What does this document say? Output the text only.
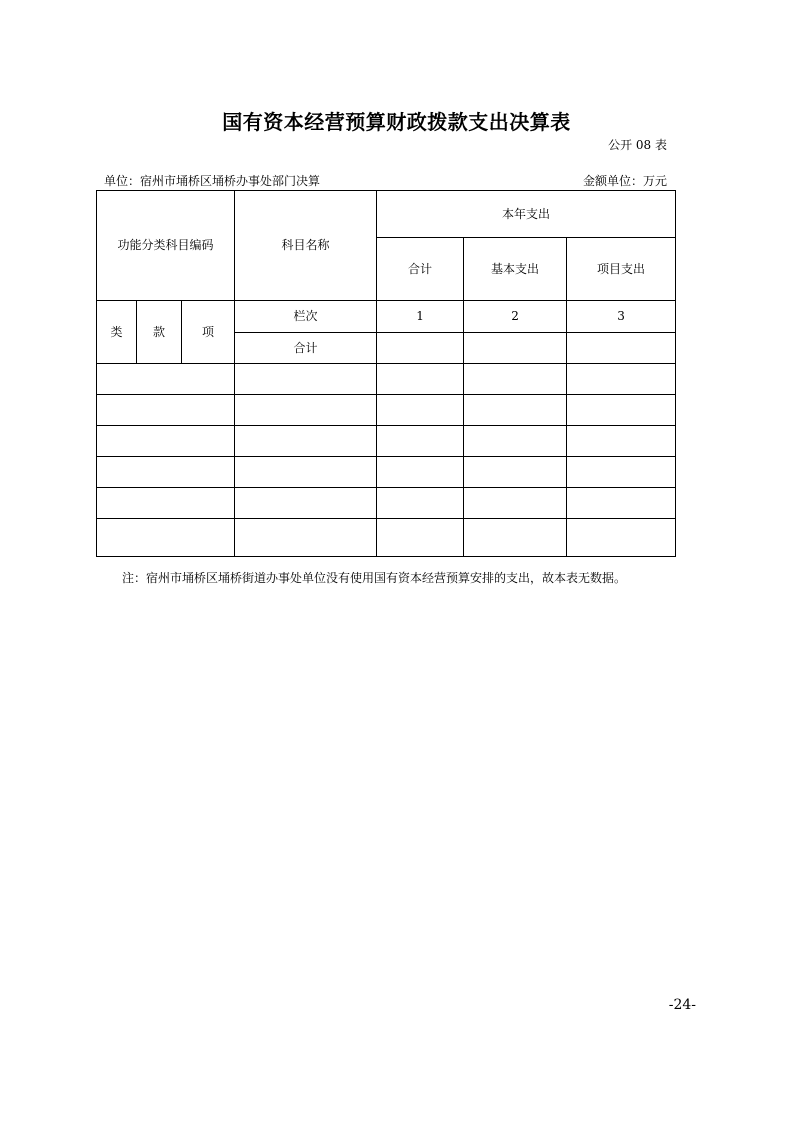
国有资本经营预算财政拨款支出决算表
公开 08 表
单位：宿州市埇桥区埇桥办事处部门决算	金额单位：万元
功能分类科目编码			科目名称	本年支出		
				合计	基本支出	项目支出
类	款	项	栏次	1	2	3
			合计			

注：宿州市埇桥区埇桥街道办事处单位没有使用国有资本经营预算安排的支出，故本表无数据。
-24-
